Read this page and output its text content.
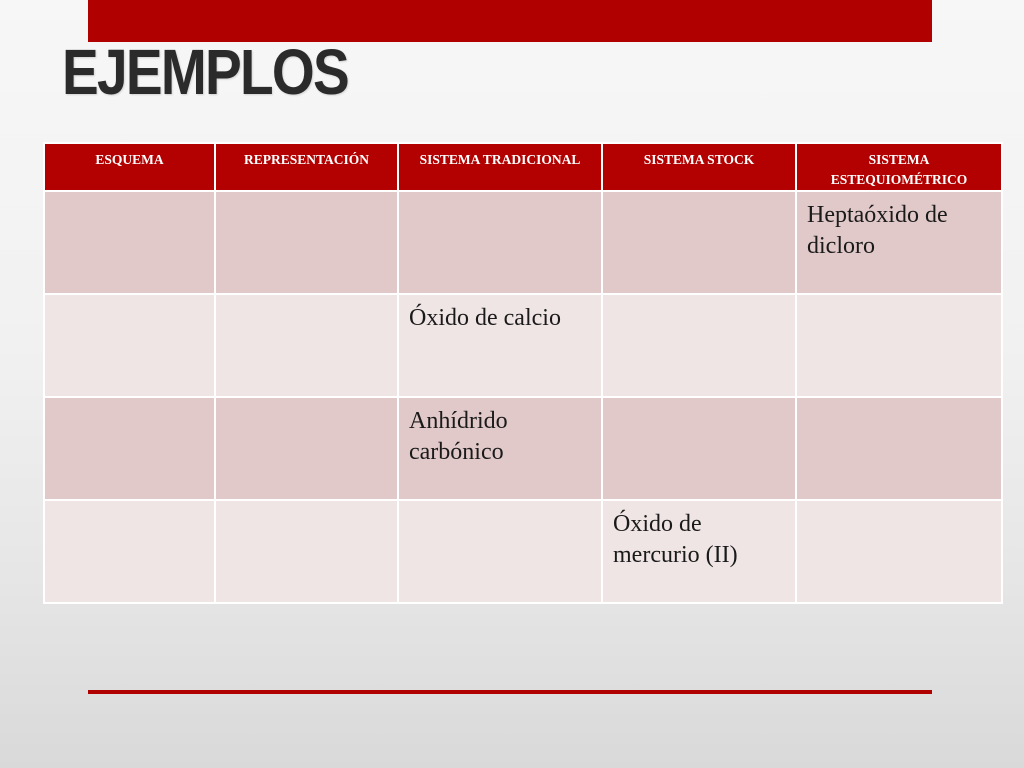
EJEMPLOS
ESQUEMA	REPRESENTACIÓN	SISTEMA TRADICIONAL	SISTEMA STOCK	SISTEMA ESTEQUIOMÉTRICO
				Heptaóxido de dicloro
		Óxido de calcio		
		Anhídrido carbónico		
			Óxido de mercurio (II)	
